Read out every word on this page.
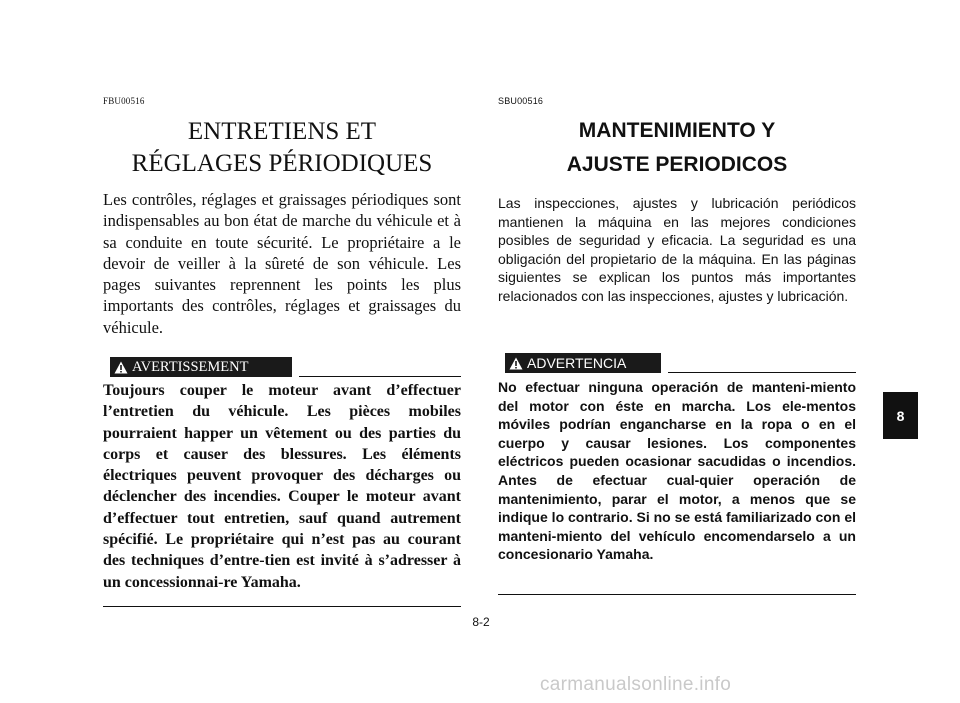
FBU00516
ENTRETIENS ET
RÉGLAGES PÉRIODIQUES

Les contrôles, réglages et graissages périodiques sont indispensables au bon état de marche du véhicule et à sa conduite en toute sécurité. Le propriétaire a le devoir de veiller à la sûreté de son véhicule. Les pages suivantes reprennent les points les plus importants des contrôles, réglages et graissages du véhicule.

AVERTISSEMENT

Toujours couper le moteur avant d’effectuer l’entretien du véhicule. Les pièces mobiles pourraient happer un vêtement ou des parties du corps et causer des blessures. Les éléments électriques peuvent provoquer des décharges ou déclencher des incendies. Couper le moteur avant d’effectuer tout entretien, sauf quand autrement spécifié. Le propriétaire qui n’est pas au courant des techniques d’entre-tien est invité à s’adresser à un concessionnai-re Yamaha.

SBU00516
MANTENIMIENTO Y
AJUSTE PERIODICOS

Las inspecciones, ajustes y lubricación periódicos mantienen la máquina en las mejores condiciones posibles de seguridad y eficacia. La seguridad es una obligación del propietario de la máquina. En las páginas siguientes se explican los puntos más importantes relacionados con las inspecciones, ajustes y lubricación.

ADVERTENCIA

No efectuar ninguna operación de manteni-miento del motor con éste en marcha. Los ele-mentos móviles podrían engancharse en la ropa o en el cuerpo y causar lesiones. Los componentes eléctricos pueden ocasionar sacudidas o incendios. Antes de efectuar cual-quier operación de mantenimiento, parar el motor, a menos que se indique lo contrario. Si no se está familiarizado con el manteni-miento del vehículo encomendarselo a un concesionario Yamaha.

8-2
8
carmanualsonline.info
